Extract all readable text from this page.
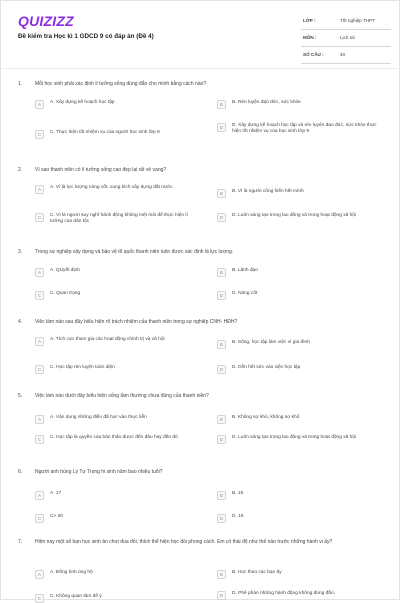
QUIZIZZ
Đề kiểm tra Học kì 1 GDCD 9 có đáp án (Đề 4)
LỚP :	Tốt nghiệp THPT
MÔN :	Lịch sử
SỐ CÂU :	40
1.	Mỗi học sinh phải xác định lí tưởng sống đúng đắn cho mình bằng cách nào?
A	A. Xây dựng kế hoạch học tập	B	B. Rèn luyện đạo đức, sức khỏe
C	C. Thực hiện tốt nhiệm vụ của người học sinh lớp 9
D	D. Xây dựng kế hoạch học tập và rèn luyện đạo đức, sức khỏe thực hiện tốt nhiệm vụ của học sinh lớp 9
2.	Vì sao thanh niên có lí tưởng sống cao đẹp lại rất vẻ vang?
A	A. Vì là lực lượng nòng cốt, xung kích xây dựng đất nước
B	B. Vì là người công hiến hết mình
C	C. Vì là người suy nghĩ hành động không mệt mỏi để thực hiện lí tưởng của dân tộc
D	D. Luôn sáng tạo trong lao động và trong hoạt động xã hội
3.	Trong sự nghiệp xây dựng và bảo vệ tổ quốc thanh niên luôn được xác định là lực lượng.
A	A. QUyết định	B	B. Lãnh đạo
C	C. Quan trọng	D	D. Nòng cốt
4.	Việc làm nào sau đây biểu hiện rõ trách nhiệm của thanh niên trong sự nghiệp CNH- HĐH?
A	A. Tích cực tham gia các hoạt động chính trị và xã hội
B	B. Sống, học tập làm việc vì gia đình
C	C. Học tập rèn luyện toàn diện	D	D. Dồn hết sức vào việc học tập
5.	Việc làm nào dưới đây biểu hiện sống tầm thường chưa đúng của thanh niên?
A	A. Vận dụng những điều đã học vào thực tiễn	B	B. Không sợ khó, không sợ khổ
C	C. Học tập là quyền của bản thân được đến đâu hay đến đó	D	D. Luôn sáng tạo trong lao động và trong hoạt động xã hội
6.	Người anh hùng Lý Tự Trọng hi sinh năm bao nhiêu tuổi?
A	A. 17	B	B. 18
C	C> 20	D	D. 19
7.	Hiện nay một số bạn học sinh ăn chơi đua đòi, thích thể hiện học đòi phong cách. Em có thái độ như thế nào trước những hành vi ấy?
A	A. Đồng tình ủng hộ	B	B. Học theo các bạn ấy
C	C. Không quan tâm để ý	D	D. Phê phán những hành động không đúng đắn,
